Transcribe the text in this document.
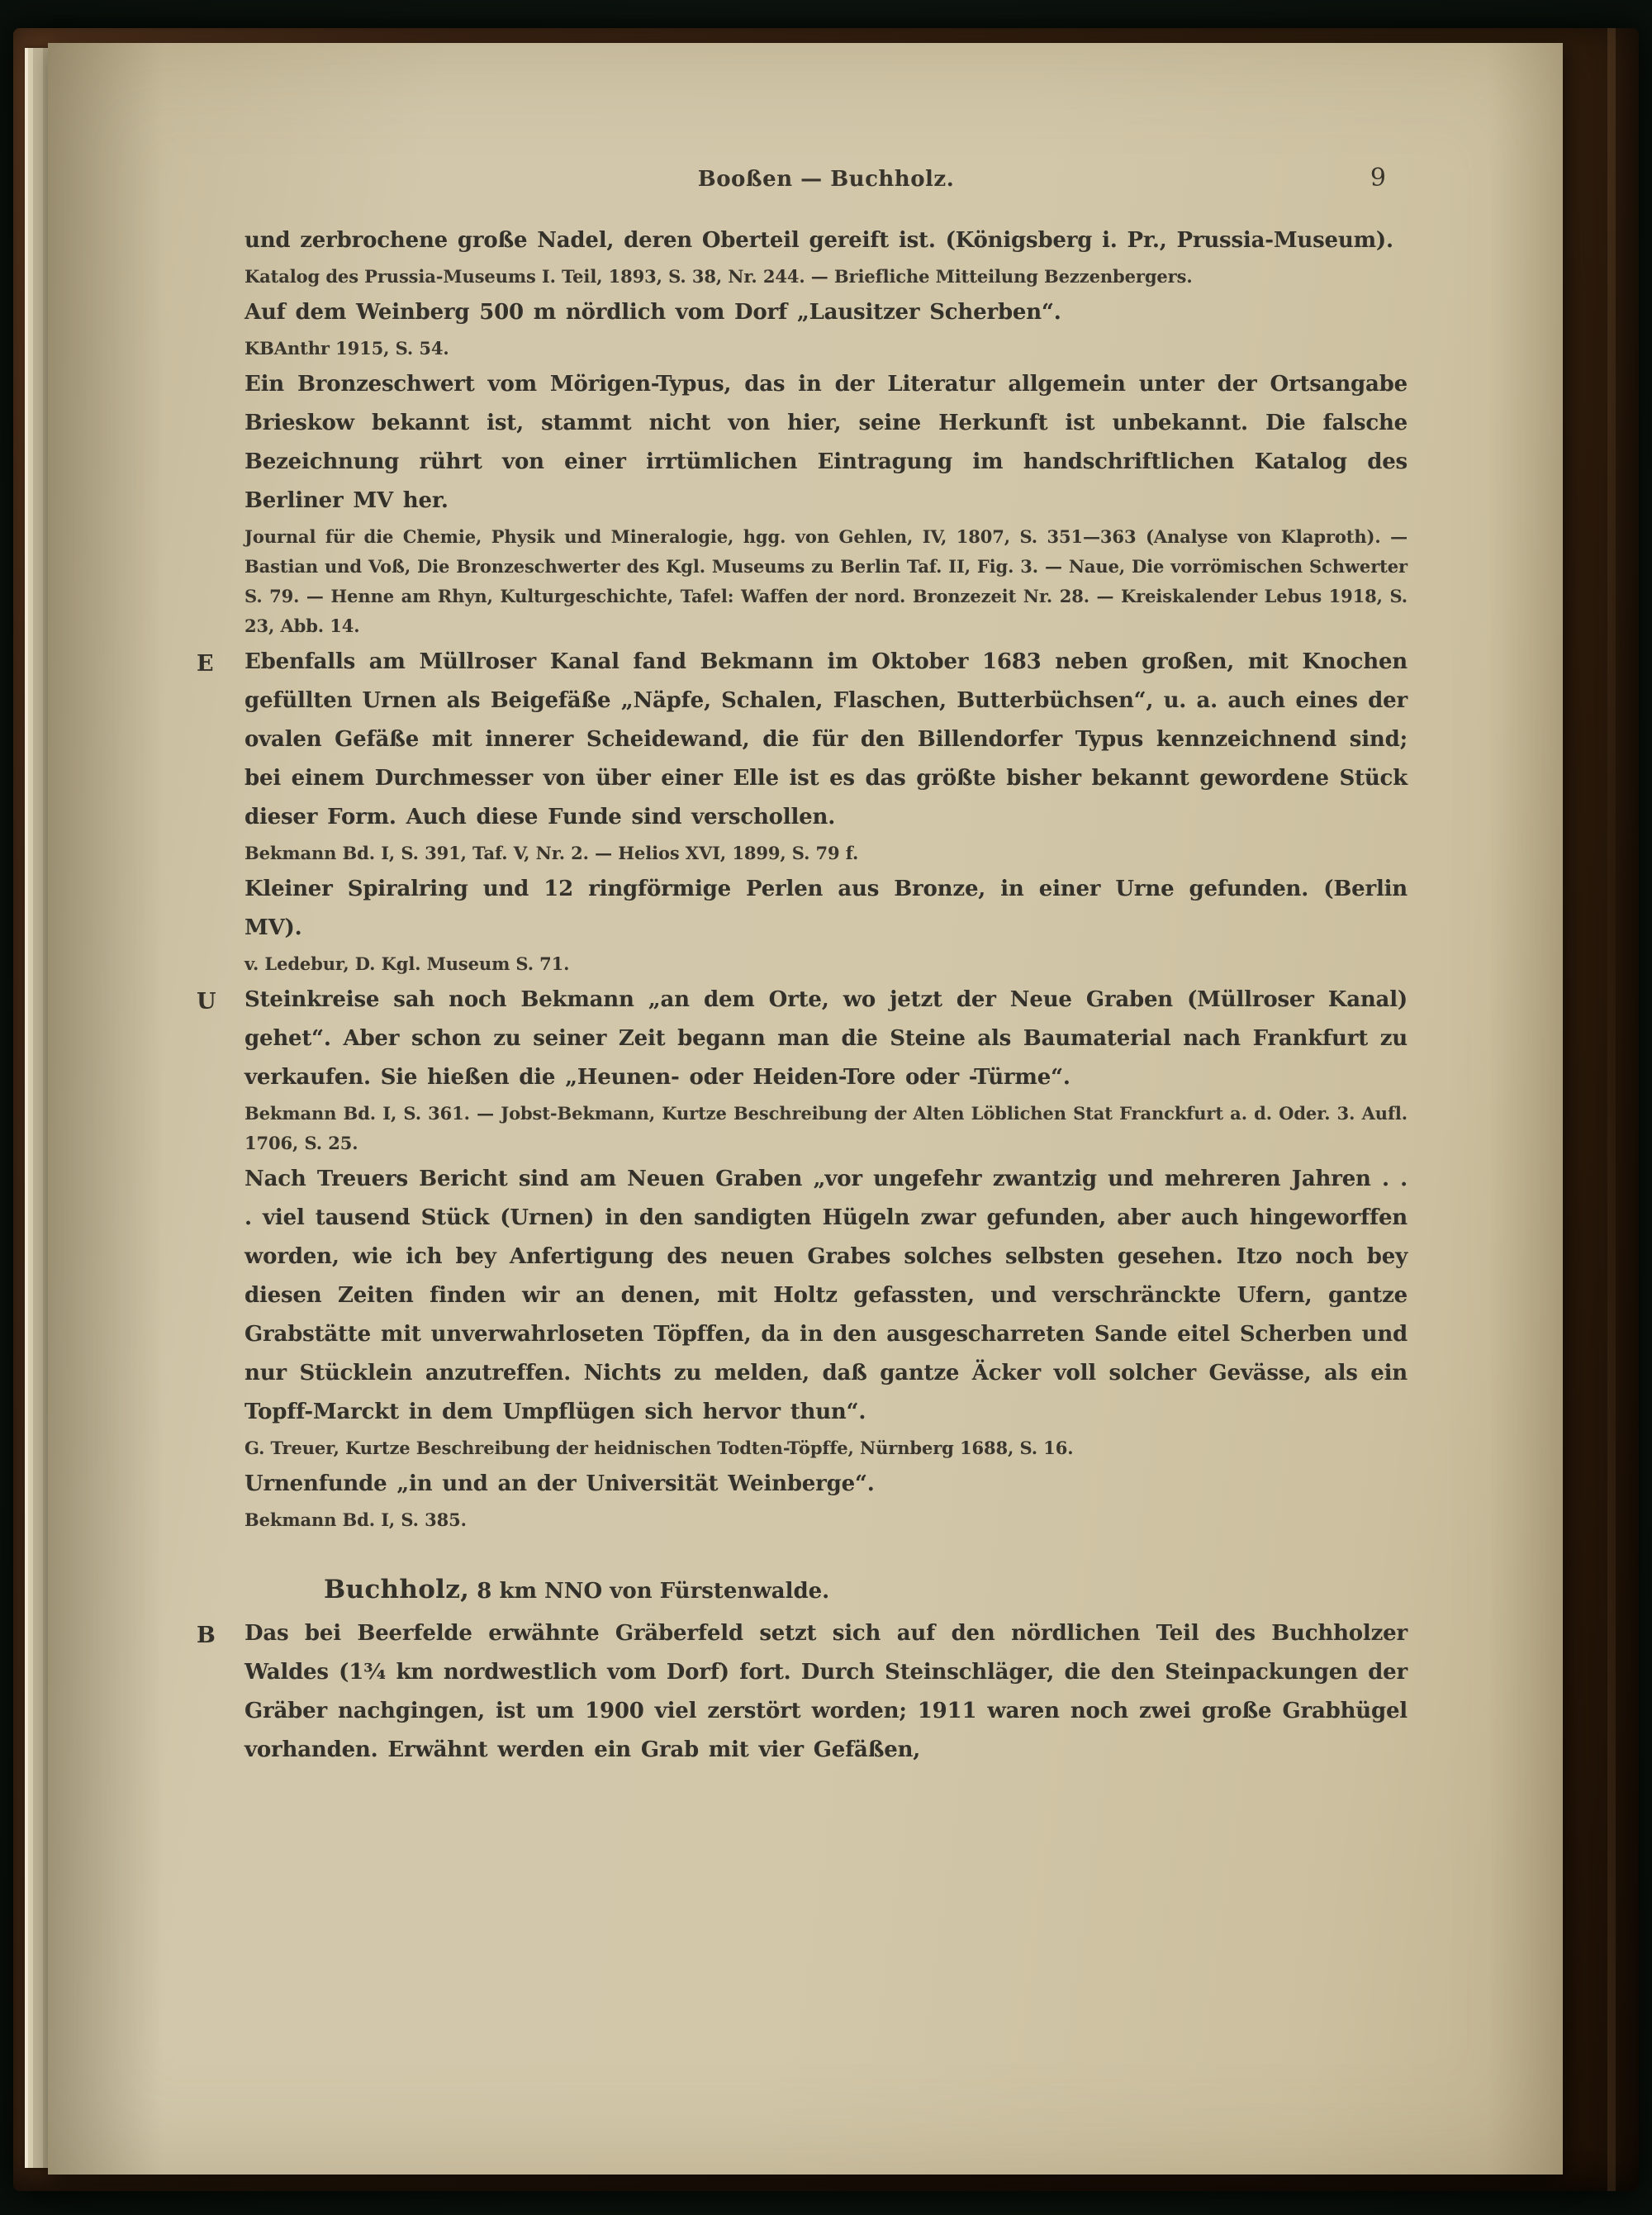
Booßen — Buchholz.	9
und zerbrochene große Nadel, deren Oberteil gereift ist. (Königsberg i. Pr., Prussia-Museum).
Katalog des Prussia-Museums I. Teil, 1893, S. 38, Nr. 244. — Briefliche Mitteilung Bezzenbergers.
Auf dem Weinberg 500 m nördlich vom Dorf „Lausitzer Scherben“.
KBAnthr 1915, S. 54.
Ein Bronzeschwert vom Mörigen-Typus, das in der Literatur allgemein unter der Ortsangabe Brieskow bekannt ist, stammt nicht von hier, seine Herkunft ist unbekannt. Die falsche Bezeichnung rührt von einer irrtümlichen Eintragung im handschriftlichen Katalog des Berliner MV her.
Journal für die Chemie, Physik und Mineralogie, hgg. von Gehlen, IV, 1807, S. 351—363 (Analyse von Klaproth). — Bastian und Voß, Die Bronzeschwerter des Kgl. Museums zu Berlin Taf. II, Fig. 3. — Naue, Die vorrömischen Schwerter S. 79. — Henne am Rhyn, Kulturgeschichte, Tafel: Waffen der nord. Bronzezeit Nr. 28. — Kreiskalender Lebus 1918, S. 23, Abb. 14.
E Ebenfalls am Müllroser Kanal fand Bekmann im Oktober 1683 neben großen, mit Knochen gefüllten Urnen als Beigefäße „Näpfe, Schalen, Flaschen, Butterbüchsen“, u. a. auch eines der ovalen Gefäße mit innerer Scheidewand, die für den Billendorfer Typus kennzeichnend sind; bei einem Durchmesser von über einer Elle ist es das größte bisher bekannt gewordene Stück dieser Form. Auch diese Funde sind verschollen.
Bekmann Bd. I, S. 391, Taf. V, Nr. 2. — Helios XVI, 1899, S. 79 f.
Kleiner Spiralring und 12 ringförmige Perlen aus Bronze, in einer Urne gefunden. (Berlin MV).
v. Ledebur, D. Kgl. Museum S. 71.
U Steinkreise sah noch Bekmann „an dem Orte, wo jetzt der Neue Graben (Müllroser Kanal) gehet“. Aber schon zu seiner Zeit begann man die Steine als Baumaterial nach Frankfurt zu verkaufen. Sie hießen die „Heunen- oder Heiden-Tore oder -Türme“.
Bekmann Bd. I, S. 361. — Jobst-Bekmann, Kurtze Beschreibung der Alten Löblichen Stat Franckfurt a. d. Oder. 3. Aufl. 1706, S. 25.
Nach Treuers Bericht sind am Neuen Graben „vor ungefehr zwantzig und mehreren Jahren . . . viel tausend Stück (Urnen) in den sandigten Hügeln zwar gefunden, aber auch hingeworffen worden, wie ich bey Anfertigung des neuen Grabes solches selbsten gesehen. Itzo noch bey diesen Zeiten finden wir an denen, mit Holtz gefassten, und verschränckte Ufern, gantze Grabstätte mit unverwahrloseten Töpffen, da in den ausgescharreten Sande eitel Scherben und nur Stücklein anzutreffen. Nichts zu melden, daß gantze Äcker voll solcher Gevässe, als ein Topff-Marckt in dem Umpflügen sich hervor thun“.
G. Treuer, Kurtze Beschreibung der heidnischen Todten-Töpffe, Nürnberg 1688, S. 16.
Urnenfunde „in und an der Universität Weinberge“.
Bekmann Bd. I, S. 385.
Buchholz, 8 km NNO von Fürstenwalde.
B Das bei Beerfelde erwähnte Gräberfeld setzt sich auf den nördlichen Teil des Buchholzer Waldes (1¾ km nordwestlich vom Dorf) fort. Durch Steinschläger, die den Steinpackungen der Gräber nachgingen, ist um 1900 viel zerstört worden; 1911 waren noch zwei große Grabhügel vorhanden. Erwähnt werden ein Grab mit vier Gefäßen,
